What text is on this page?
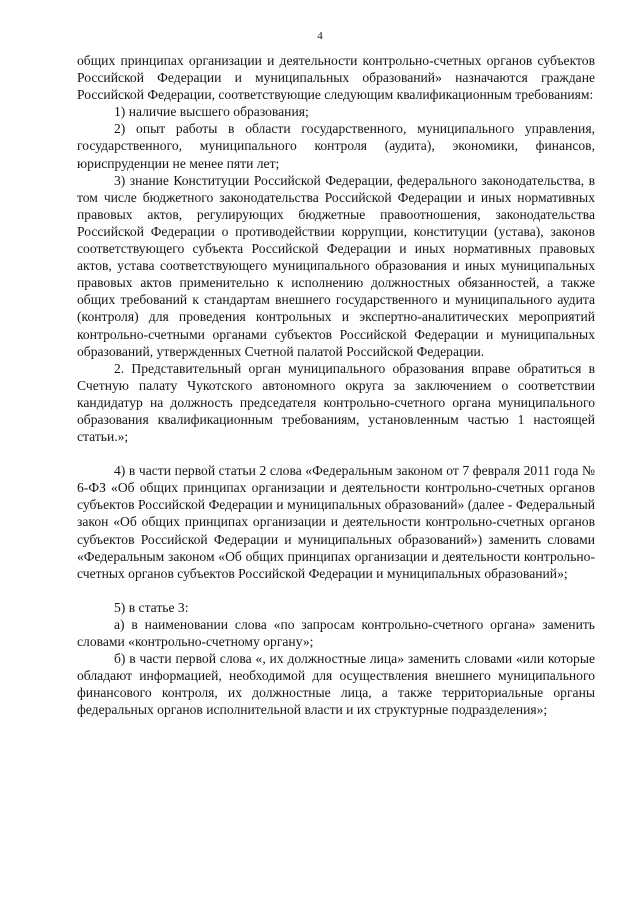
4

общих принципах организации и деятельности контрольно-счетных органов субъектов Российской Федерации и муниципальных образований» назначаются граждане Российской Федерации, соответствующие следующим квалификационным требованиям:

1) наличие высшего образования;

2) опыт работы в области государственного, муниципального управления, государственного, муниципального контроля (аудита), экономики, финансов, юриспруденции не менее пяти лет;

3) знание Конституции Российской Федерации, федерального законодательства, в том числе бюджетного законодательства Российской Федерации и иных нормативных правовых актов, регулирующих бюджетные правоотношения, законодательства Российской Федерации о противодействии коррупции, конституции (устава), законов соответствующего субъекта Российской Федерации и иных нормативных правовых актов, устава соответствующего муниципального образования и иных муниципальных правовых актов применительно к исполнению должностных обязанностей, а также общих требований к стандартам внешнего государственного и муниципального аудита (контроля) для проведения контрольных и экспертно-аналитических мероприятий контрольно-счетными органами субъектов Российской Федерации и муниципальных образований, утвержденных Счетной палатой Российской Федерации.

2. Представительный орган муниципального образования вправе обратиться в Счетную палату Чукотского автономного округа за заключением о соответствии кандидатур на должность председателя контрольно-счетного органа муниципального образования квалификационным требованиям, установленным частью 1 настоящей статьи.»;

4) в части первой статьи 2 слова «Федеральным законом от 7 февраля 2011 года № 6-ФЗ «Об общих принципах организации и деятельности контрольно-счетных органов субъектов Российской Федерации и муниципальных образований» (далее - Федеральный закон «Об общих принципах организации и деятельности контрольно-счетных органов субъектов Российской Федерации и муниципальных образований») заменить словами «Федеральным законом «Об общих принципах организации и деятельности контрольно-счетных органов субъектов Российской Федерации и муниципальных образований»;

5) в статье 3:

а) в наименовании слова «по запросам контрольно-счетного органа» заменить словами «контрольно-счетному органу»;

б) в части первой слова «, их должностные лица» заменить словами «или которые обладают информацией, необходимой для осуществления внешнего муниципального финансового контроля, их должностные лица, а также территориальные органы федеральных органов исполнительной власти и их структурные подразделения»;
